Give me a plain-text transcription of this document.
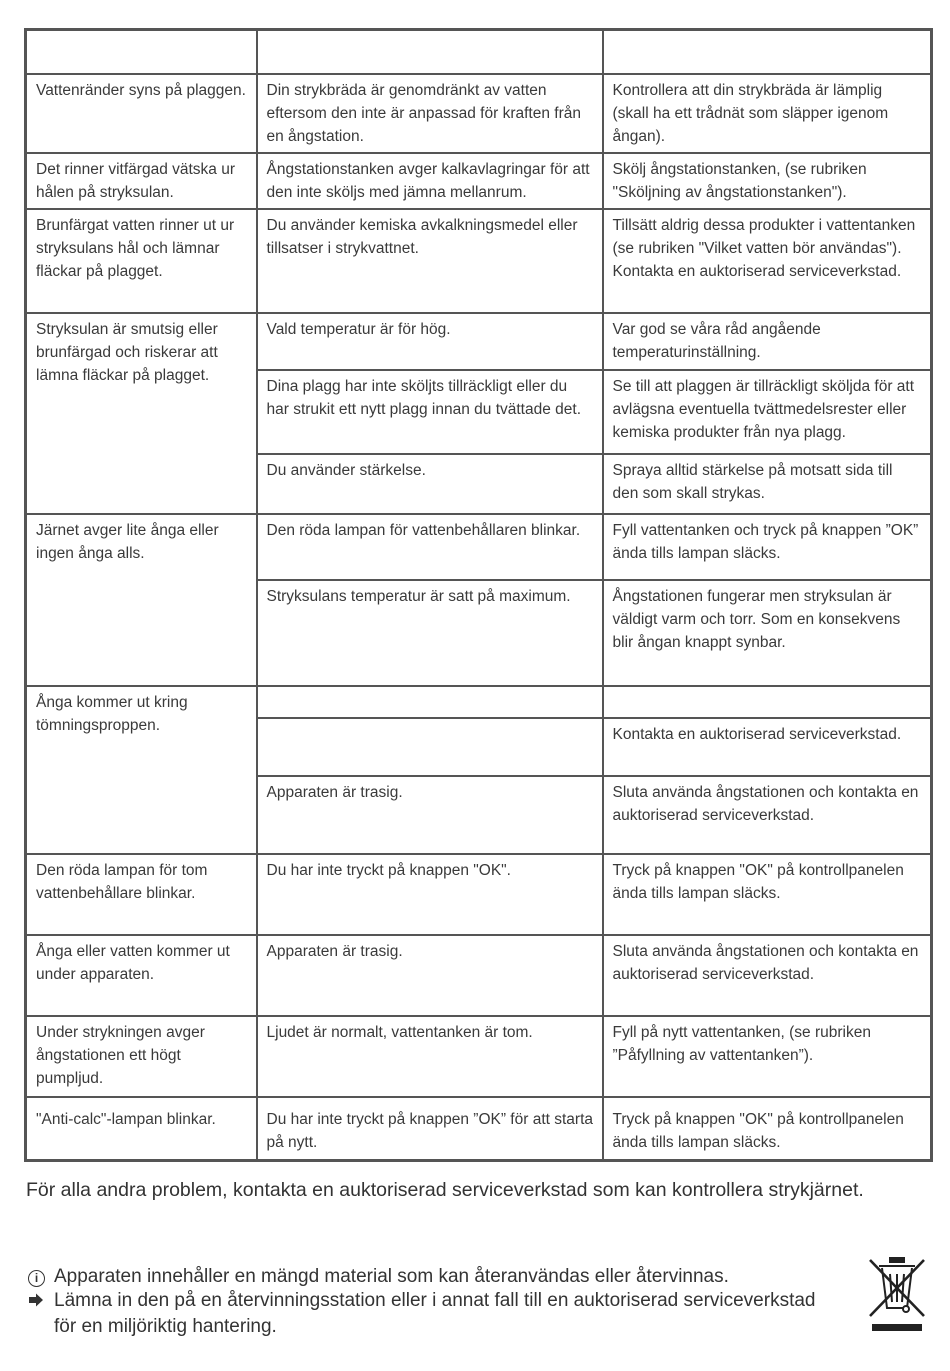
Vattenränder syns på plaggen.	Din strykbräda är genomdränkt av vatten eftersom den inte är anpassad för kraften från en ångstation.	Kontrollera att din strykbräda är lämplig (skall ha ett trådnät som släpper igenom ångan).
Det rinner vitfärgad vätska ur hålen på stryksulan.	Ångstationstanken avger kalkavlagringar för att den inte sköljs med jämna mellanrum.	Skölj ångstationstanken, (se rubriken "Sköljning av ångstationstanken").
Brunfärgat vatten rinner ut ur stryksulans hål och lämnar fläckar på plagget.	Du använder kemiska avkalkningsmedel eller tillsatser i strykvattnet.	Tillsätt aldrig dessa produkter i vattentanken (se rubriken "Vilket vatten bör användas"). Kontakta en auktoriserad serviceverkstad.
Stryksulan är smutsig eller brunfärgad och riskerar att lämna fläckar på plagget.	Vald temperatur är för hög.	Var god se våra råd angående temperaturinställning.
	Dina plagg har inte sköljts tillräckligt eller du har strukit ett nytt plagg innan du tvättade det.	Se till att plaggen är tillräckligt sköljda för att avlägsna eventuella tvättmedelsrester eller kemiska produkter från nya plagg.
	Du använder stärkelse.	Spraya alltid stärkelse på motsatt sida till den som skall strykas.
Järnet avger lite ånga eller ingen ånga alls.	Den röda lampan för vattenbehållaren blinkar.	Fyll vattentanken och tryck på knappen ”OK” ända tills lampan släcks.
	Stryksulans temperatur är satt på maximum.	Ångstationen fungerar men stryksulan är väldigt varm och torr. Som en konsekvens blir ångan knappt synbar.
Ånga kommer ut kring tömningsproppen.		
		Kontakta en auktoriserad serviceverkstad.
	Apparaten är trasig.	Sluta använda ångstationen och kontakta en auktoriserad serviceverkstad.
Den röda lampan för tom vattenbehållare blinkar.	Du har inte tryckt på knappen "OK".	Tryck på knappen "OK" på kontrollpanelen ända tills lampan släcks.
Ånga eller vatten kommer ut under apparaten.	Apparaten är trasig.	Sluta använda ångstationen och kontakta en auktoriserad serviceverkstad.
Under strykningen avger ångstationen ett högt pumpljud.	Ljudet är normalt, vattentanken är tom.	Fyll på nytt vattentanken, (se rubriken ”Påfyllning av vattentanken”).
"Anti-calc"-lampan blinkar.	Du har inte tryckt på knappen ”OK” för att starta på nytt.	Tryck på knappen "OK" på kontrollpanelen ända tills lampan släcks.
För alla andra problem, kontakta en auktoriserad serviceverkstad som kan kontrollera strykjärnet.
i Apparaten innehåller en mängd material som kan återanvändas eller återvinnas.
Lämna in den på en återvinningsstation eller i annat fall till en auktoriserad serviceverkstad
för en miljöriktig hantering.
